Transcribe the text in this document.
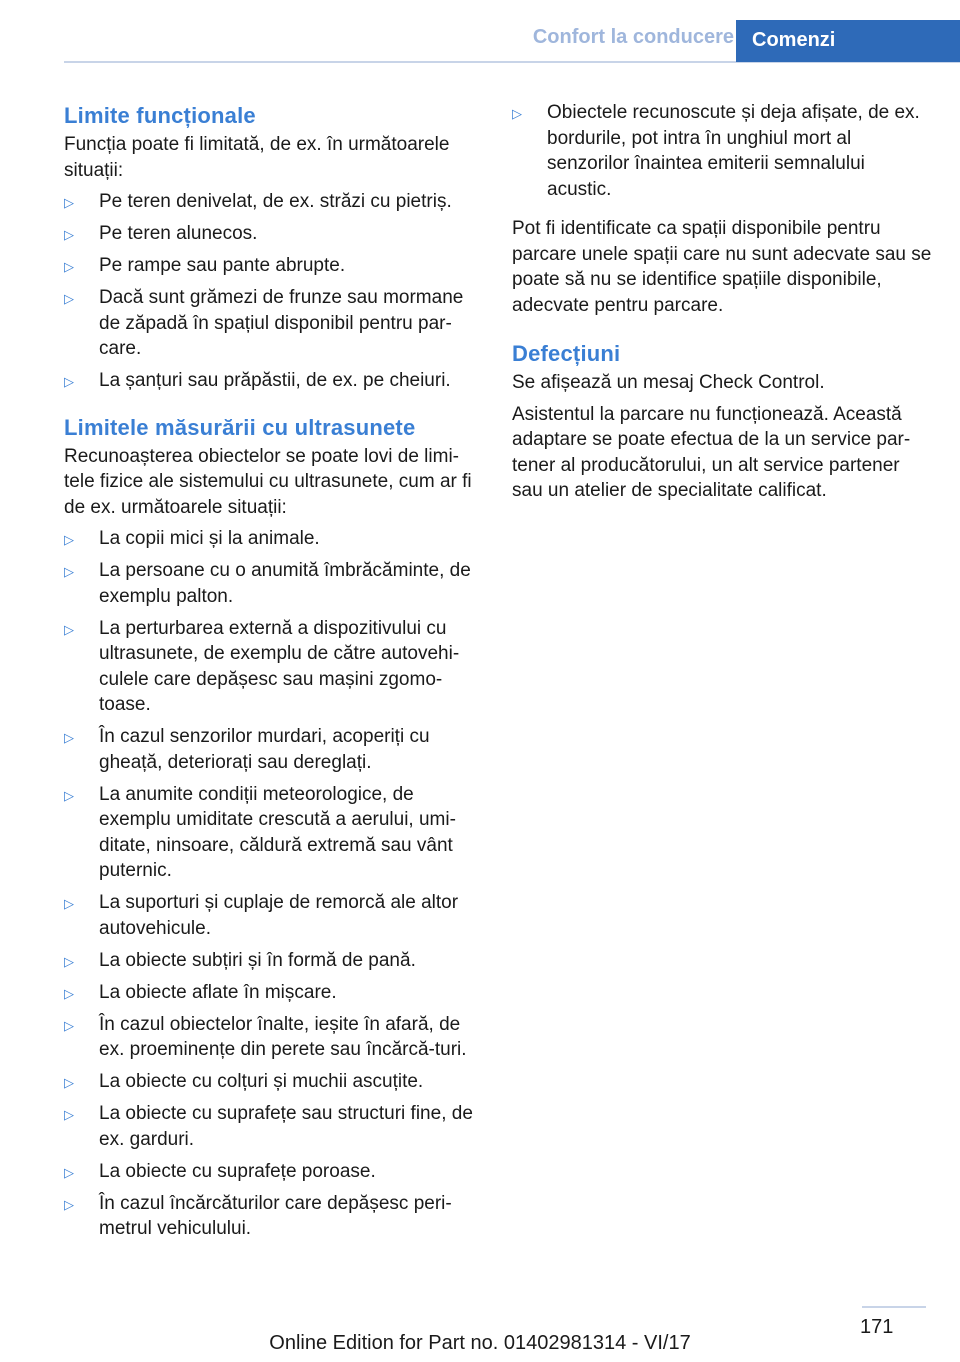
Confort la conducere Comenzi
Limite funcționale

Funcția poate fi limitată, de ex. în următoarele situații:

▷ Pe teren denivelat, de ex. străzi cu pietriș.
▷ Pe teren alunecos.
▷ Pe rampe sau pante abrupte.
▷ Dacă sunt grămezi de frunze sau mormane de zăpadă în spațiul disponibil pentru par-care.
▷ La șanțuri sau prăpăstii, de ex. pe cheiuri.
Limitele măsurării cu ultrasunete

Recunoașterea obiectelor se poate lovi de limi-tele fizice ale sistemului cu ultrasunete, cum ar fi de ex. următoarele situații:

▷ La copii mici și la animale.
▷ La persoane cu o anumită îmbrăcăminte, de exemplu palton.
▷ La perturbarea externă a dispozitivului cu ultrasunete, de exemplu de către autovehi-culele care depășesc sau mașini zgomo-toase.
▷ În cazul senzorilor murdari, acoperiți cu gheață, deteriorați sau dereglați.
▷ La anumite condiții meteorologice, de exemplu umiditate crescută a aerului, umi-ditate, ninsoare, căldură extremă sau vânt puternic.
▷ La suporturi și cuplaje de remorcă ale altor autovehicule.
▷ La obiecte subțiri și în formă de pană.
▷ La obiecte aflate în mișcare.
▷ În cazul obiectelor înalte, ieșite în afară, de ex. proeminențe din perete sau încărcă-turi.
▷ La obiecte cu colțuri și muchii ascuțite.
▷ La obiecte cu suprafețe sau structuri fine, de ex. garduri.
▷ La obiecte cu suprafețe poroase.
▷ În cazul încărcăturilor care depășesc peri-metrul vehiculului.
▷ Obiectele recunoscute și deja afișate, de ex. bordurile, pot intra în unghiul mort al senzorilor înaintea emiterii semnalului acustic.

Pot fi identificate ca spații disponibile pentru parcare unele spații care nu sunt adecvate sau se poate să nu se identifice spațiile disponibile, adecvate pentru parcare.

Defecțiuni

Se afișează un mesaj Check Control.

Asistentul la parcare nu funcționează. Această adaptare se poate efectua de la un service par-tener al producătorului, un alt service partener sau un atelier de specialitate calificat.

171
Online Edition for Part no. 01402981314 - VI/17
